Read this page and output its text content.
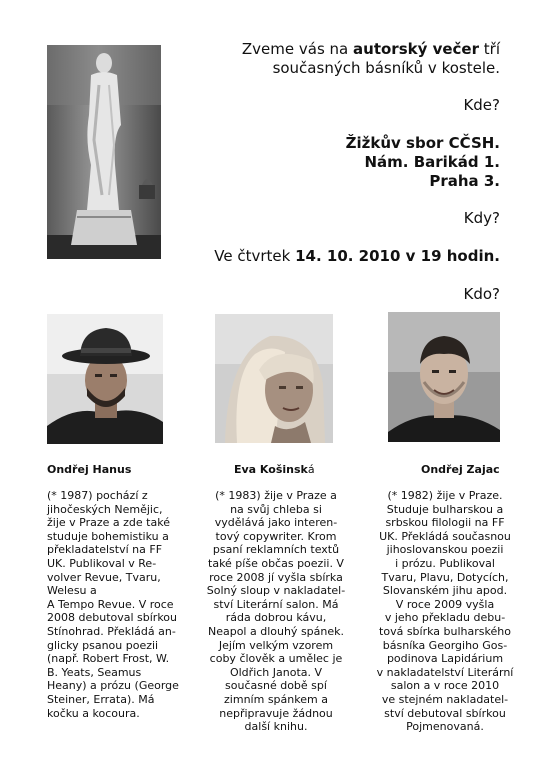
Zveme vás na autorský večer tří
současných básníků v kostele.
Kde?
Žižkův sbor CČSH.
Nám. Barikád 1.
Praha 3.
Kdy?
Ve čtvrtek 14. 10. 2010 v 19 hodin.
Kdo?
Ondřej Hanus	Eva Košinská	Ondřej Zajac
(* 1987) pochází z
jihočeských Nemějic,
žije v Praze a zde také
studuje bohemistiku a
překladatelství na FF
UK. Publikoval v Re-
volver Revue, Tvaru,
Welesu a
A Tempo Revue. V roce
2008 debutoval sbírkou
Stínohrad. Překládá an-
glicky psanou poezii
(např. Robert Frost, W.
B. Yeats, Seamus
Heany) a prózu (George
Steiner, Errata). Má
kočku a kocoura.
(* 1983) žije v Praze a
na svůj chleba si
vydělává jako interen-
tový copywriter. Krom
psaní reklamních textů
také píše občas poezii. V
roce 2008 jí vyšla sbírka
Solný sloup v nakladatel-
ství Literární salon. Má
ráda dobrou kávu,
Neapol a dlouhý spánek.
Jejím velkým vzorem
coby člověk a umělec je
Oldřich Janota. V
současné době spí
zimním spánkem a
nepřipravuje žádnou
další knihu.
(* 1982) žije v Praze.
Studuje bulharskou a
srbskou filologii na FF
UK. Překládá současnou
jihoslovanskou poezii
i prózu. Publikoval
Tvaru, Plavu, Dotycích,
Slovanském jihu apod.
V roce 2009 vyšla
v jeho překladu debu-
tová sbírka bulharského
básníka Georgiho Gos-
podinova Lapidárium
v nakladatelství Literární
salon a v roce 2010
ve stejném nakladatel-
ství debutoval sbírkou
Pojmenovaná.
